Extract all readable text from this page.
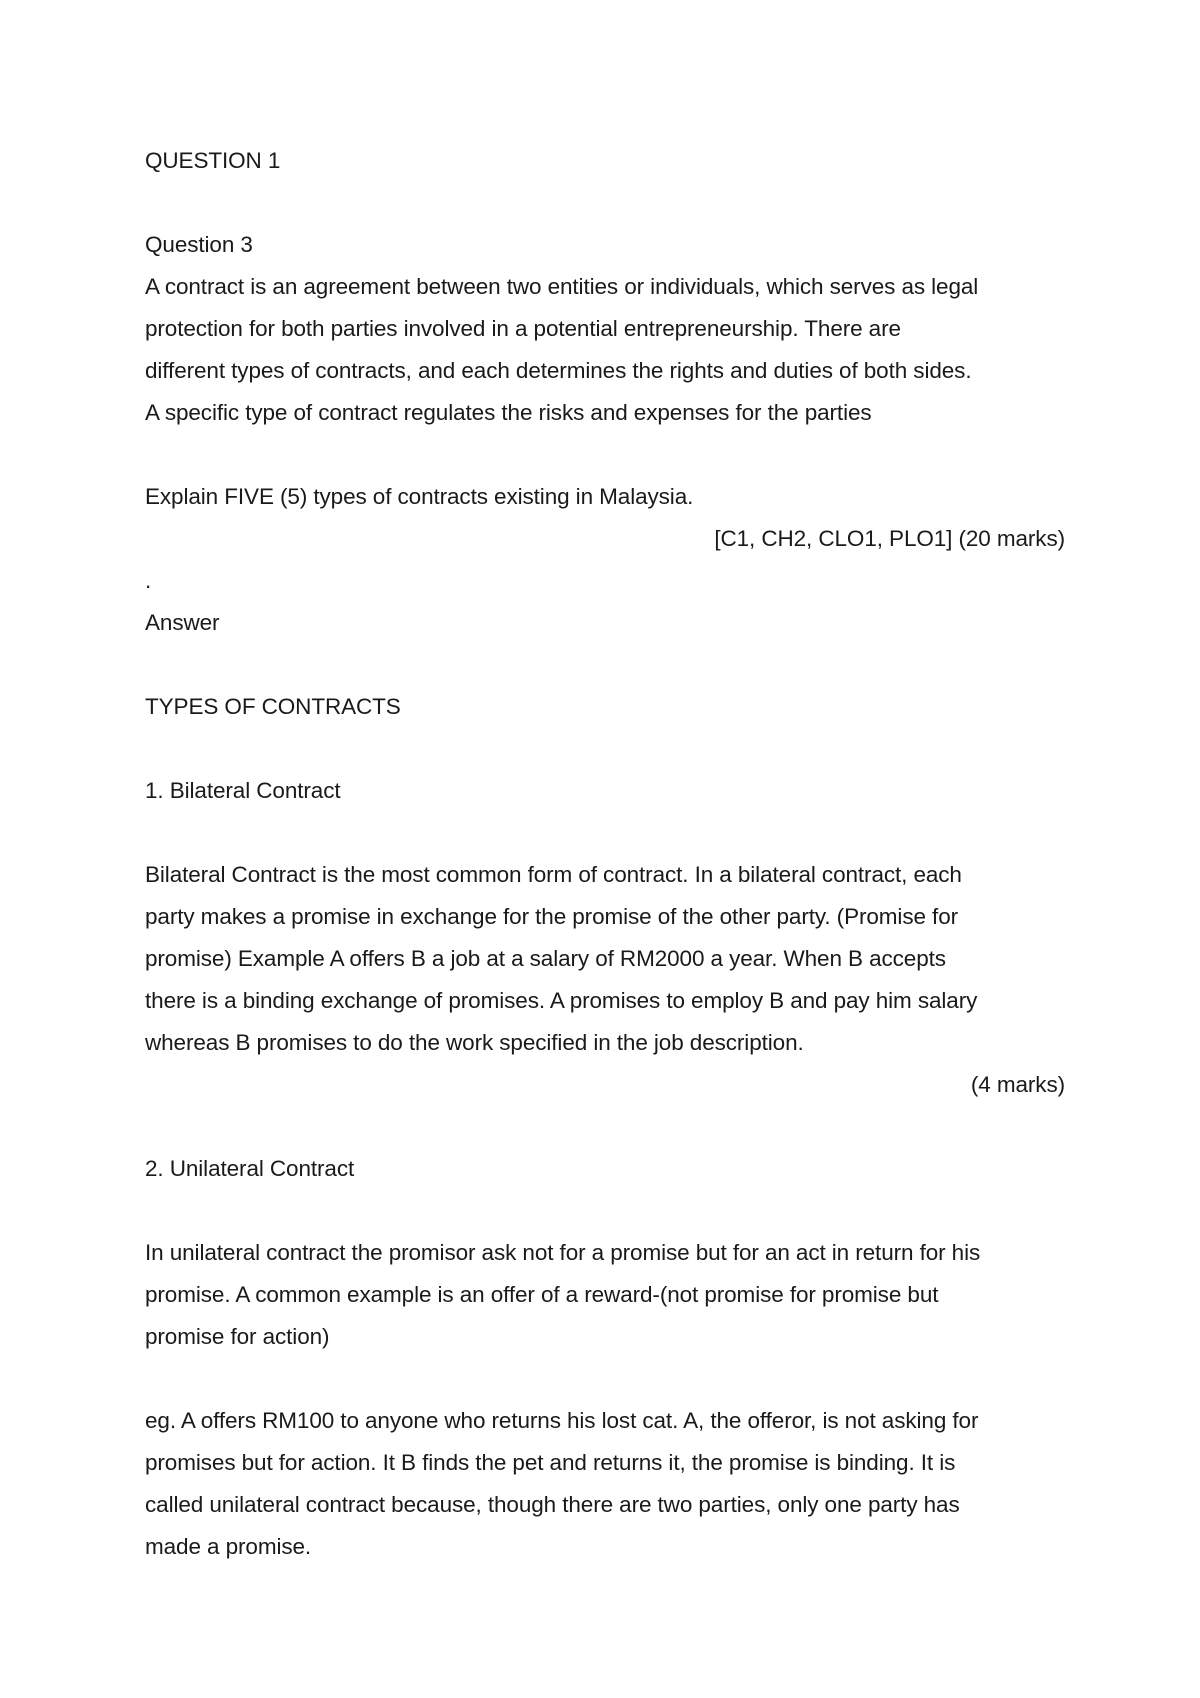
QUESTION 1

Question 3

A contract is an agreement between two entities or individuals, which serves as legal
protection for both parties involved in a potential entrepreneurship. There are
different types of contracts, and each determines the rights and duties of both sides.
A specific type of contract regulates the risks and expenses for the parties

Explain FIVE (5) types of contracts existing in Malaysia.

[C1, CH2, CLO1, PLO1] (20 marks)

.

Answer

TYPES OF CONTRACTS

1. Bilateral Contract

Bilateral Contract is the most common form of contract. In a bilateral contract, each
party makes a promise in exchange for the promise of the other party. (Promise for
promise) Example A offers B a job at a salary of RM2000 a year. When B accepts
there is a binding exchange of promises. A promises to employ B and pay him salary
whereas B promises to do the work specified in the job description.

(4 marks)

2. Unilateral Contract

In unilateral contract the promisor ask not for a promise but for an act in return for his
promise. A common example is an offer of a reward-(not promise for promise but
promise for action)
eg. A offers RM100 to anyone who returns his lost cat. A, the offeror, is not asking for
promises but for action. It B finds the pet and returns it, the promise is binding. It is
called unilateral contract because, though there are two parties, only one party has
made a promise.
